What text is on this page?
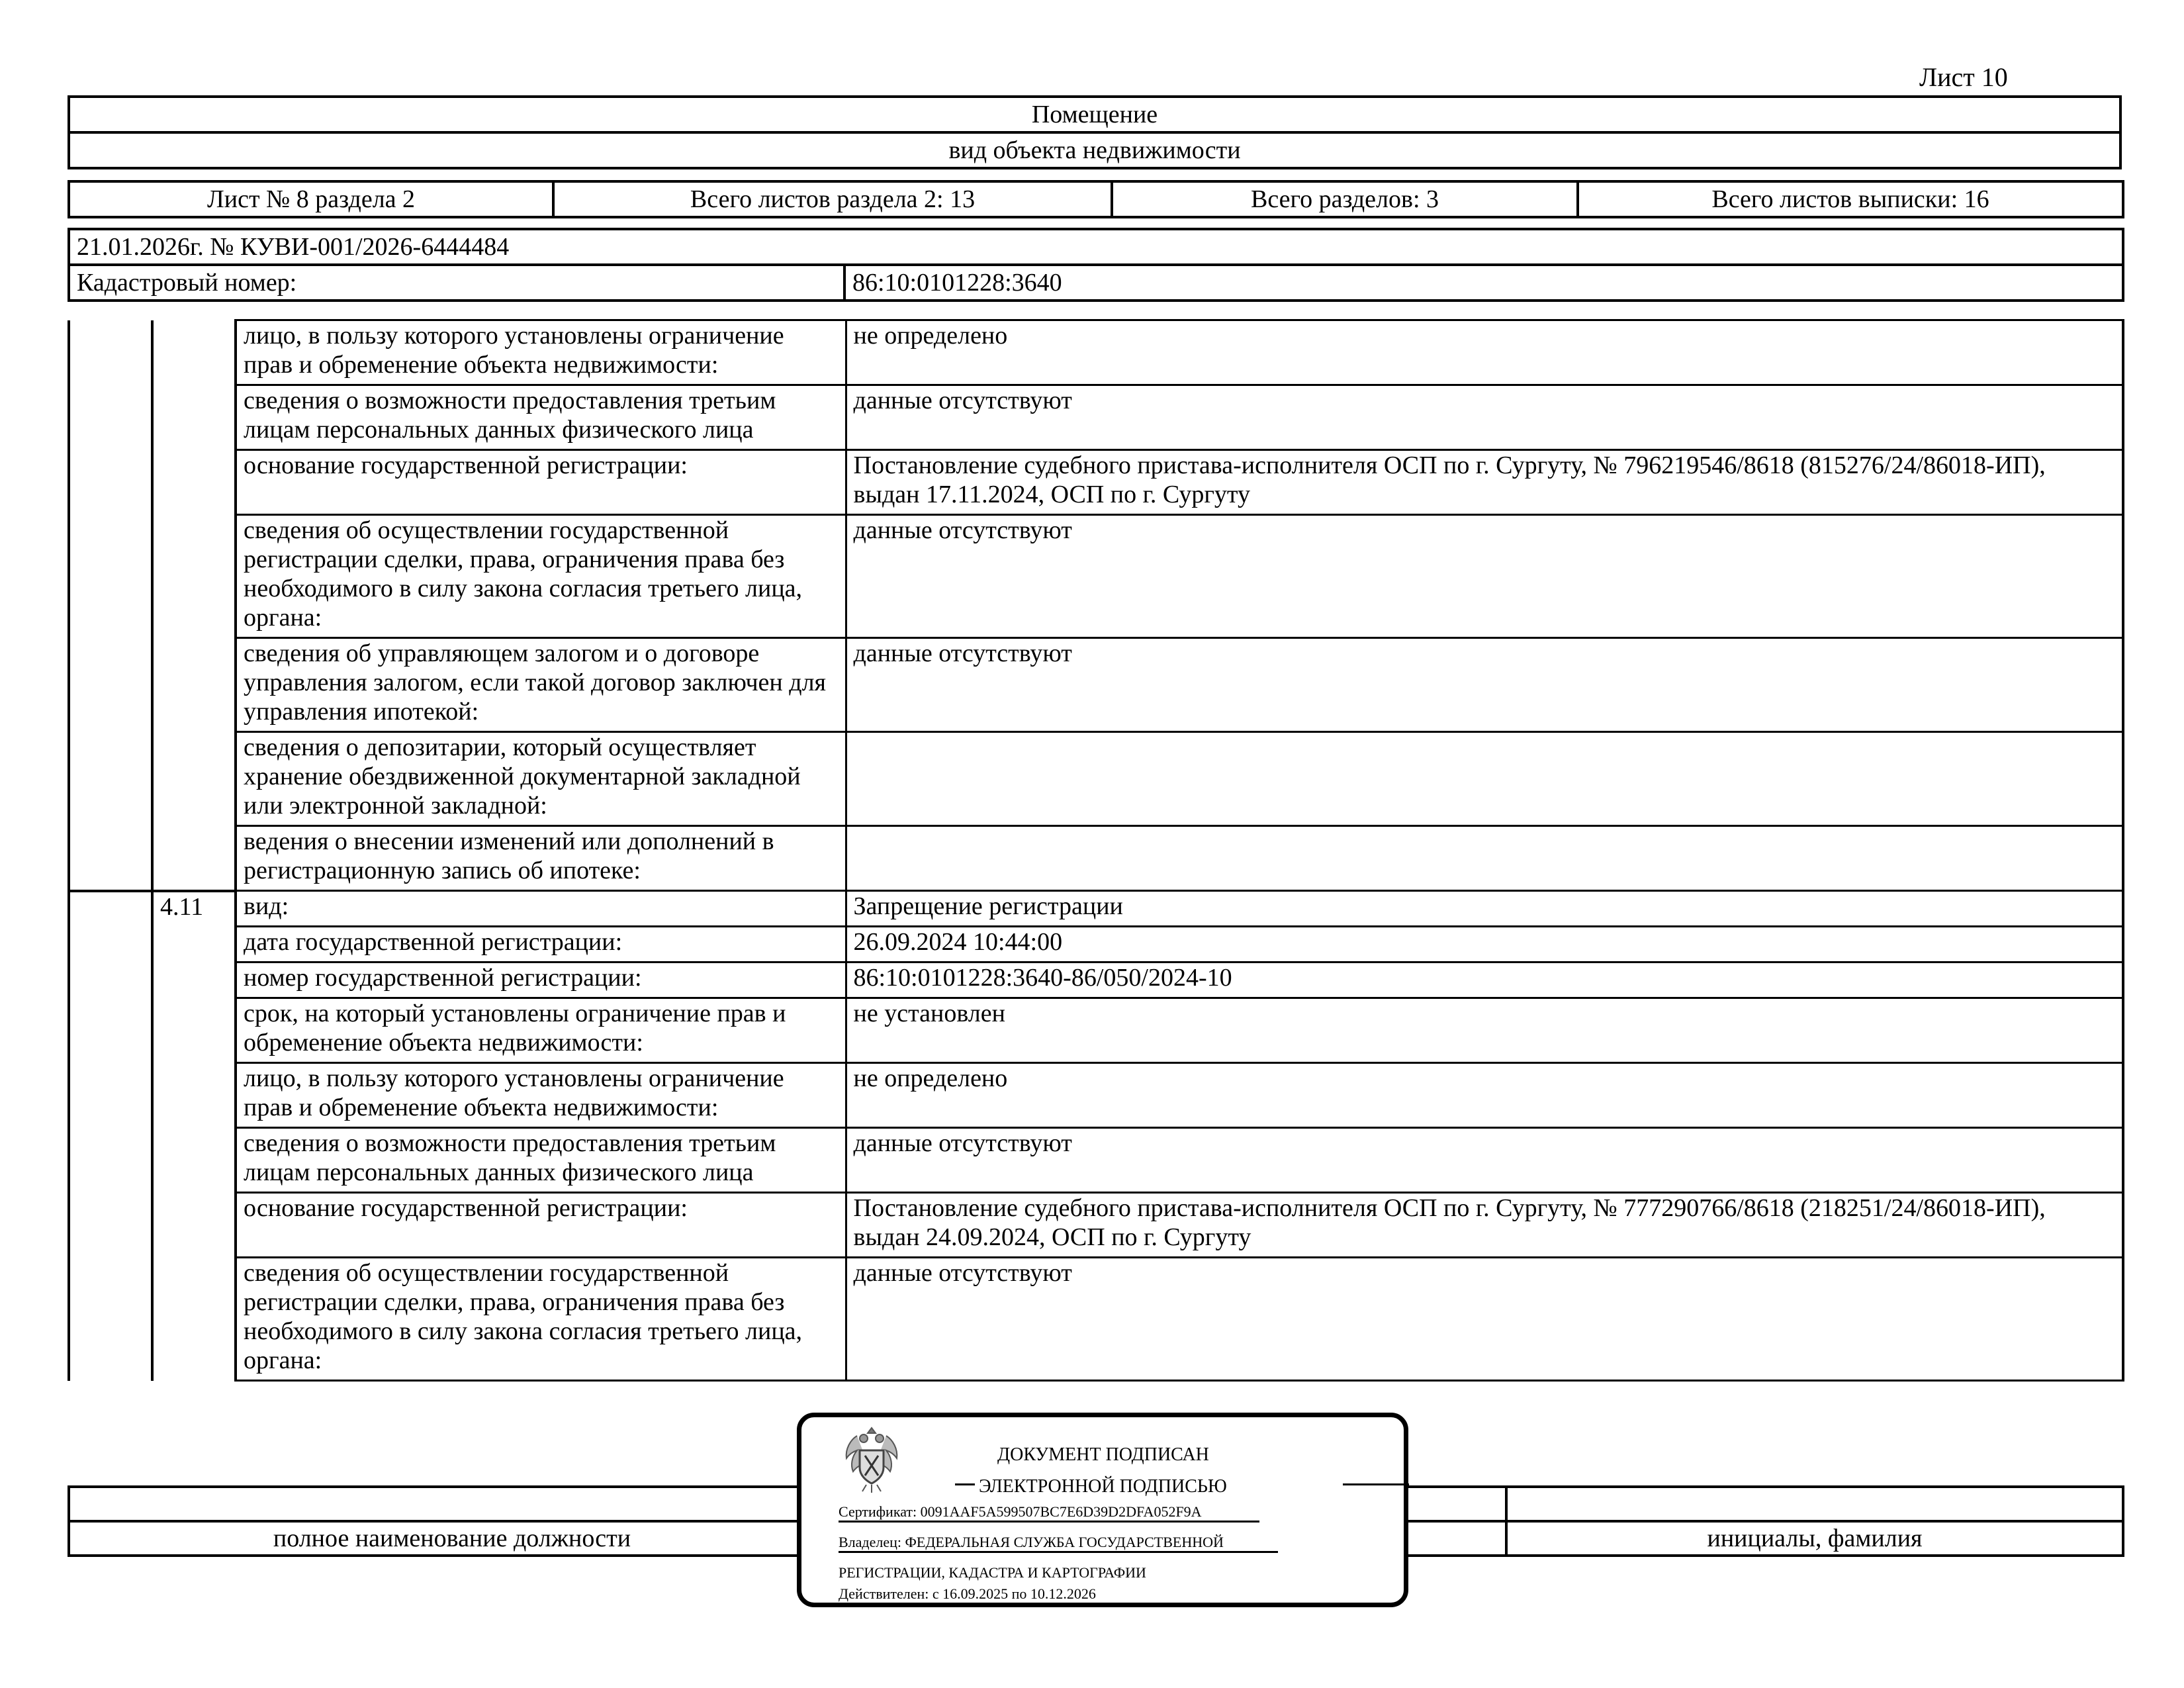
Лист 10
Помещение
вид объекта недвижимости
Лист № 8 раздела 2	Всего листов раздела 2: 13	Всего разделов: 3	Всего листов выписки: 16
21.01.2026г. № КУВИ-001/2026-6444484
Кадастровый номер:	86:10:0101228:3640
		лицо, в пользу которого установлены ограничение прав и обременение объекта недвижимости:	не определено
		сведения о возможности предоставления третьим лицам персональных данных физического лица	данные отсутствуют
		основание государственной регистрации:	Постановление судебного пристава-исполнителя ОСП по г. Сургуту, № 796219546/8618 (815276/24/86018-ИП), выдан 17.11.2024, ОСП по г. Сургуту
		сведения об осуществлении государственной регистрации сделки, права, ограничения права без необходимого в силу закона согласия третьего лица, органа:	данные отсутствуют
		сведения об управляющем залогом и о договоре управления залогом, если такой договор заключен для управления ипотекой:	данные отсутствуют
		сведения о депозитарии, который осуществляет хранение обездвиженной документарной закладной или электронной закладной:	
		ведения о внесении изменений или дополнений в регистрационную запись об ипотеке:	
	4.11	вид:	Запрещение регистрации
		дата государственной регистрации:	26.09.2024 10:44:00
		номер государственной регистрации:	86:10:0101228:3640-86/050/2024-10
		срок, на который установлены ограничение прав и обременение объекта недвижимости:	не установлен
		лицо, в пользу которого установлены ограничение прав и обременение объекта недвижимости:	не определено
		сведения о возможности предоставления третьим лицам персональных данных физического лица	данные отсутствуют
		основание государственной регистрации:	Постановление судебного пристава-исполнителя ОСП по г. Сургуту, № 777290766/8618 (218251/24/86018-ИП), выдан 24.09.2024, ОСП по г. Сургуту
		сведения об осуществлении государственной регистрации сделки, права, ограничения права без необходимого в силу закона согласия третьего лица, органа:	данные отсутствуют

полное наименование должности		инициалы, фамилия
ДОКУМЕНТ ПОДПИСАН
ЭЛЕКТРОННОЙ ПОДПИСЬЮ
Сертификат: 0091AAF5A599507BC7E6D39D2DFA052F9A
Владелец: ФЕДЕРАЛЬНАЯ СЛУЖБА ГОСУДАРСТВЕННОЙ
РЕГИСТРАЦИИ, КАДАСТРА И КАРТОГРАФИИ
Действителен: с 16.09.2025 по 10.12.2026
